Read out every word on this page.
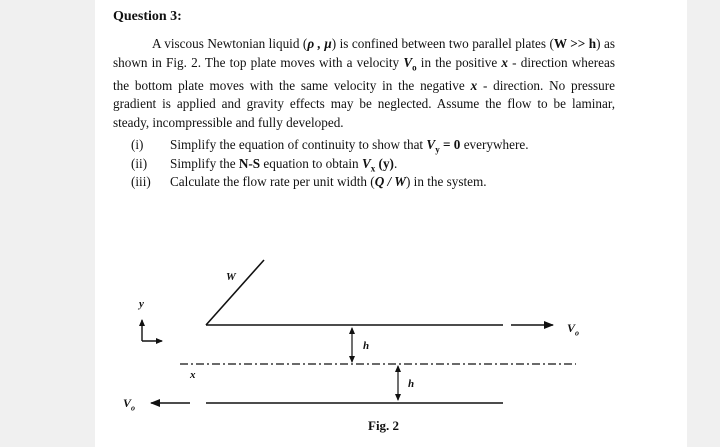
Question 3:
A viscous Newtonian liquid (ρ , μ) is confined between two parallel plates (W >> h) as shown in Fig. 2. The top plate moves with a velocity $V_o$ in the positive x - direction whereas the bottom plate moves with the same velocity in the negative x - direction. No pressure gradient is applied and gravity effects may be neglected. Assume the flow to be laminar, steady, incompressible and fully developed.
(i) Simplify the equation of continuity to show that $V_y = 0$ everywhere.
(ii) Simplify the N-S equation to obtain $V_x$ (y).
(iii) Calculate the flow rate per unit width (Q / W) in the system.
W
y
x
h
h
$V_o$
$V_o$
Fig. 2
